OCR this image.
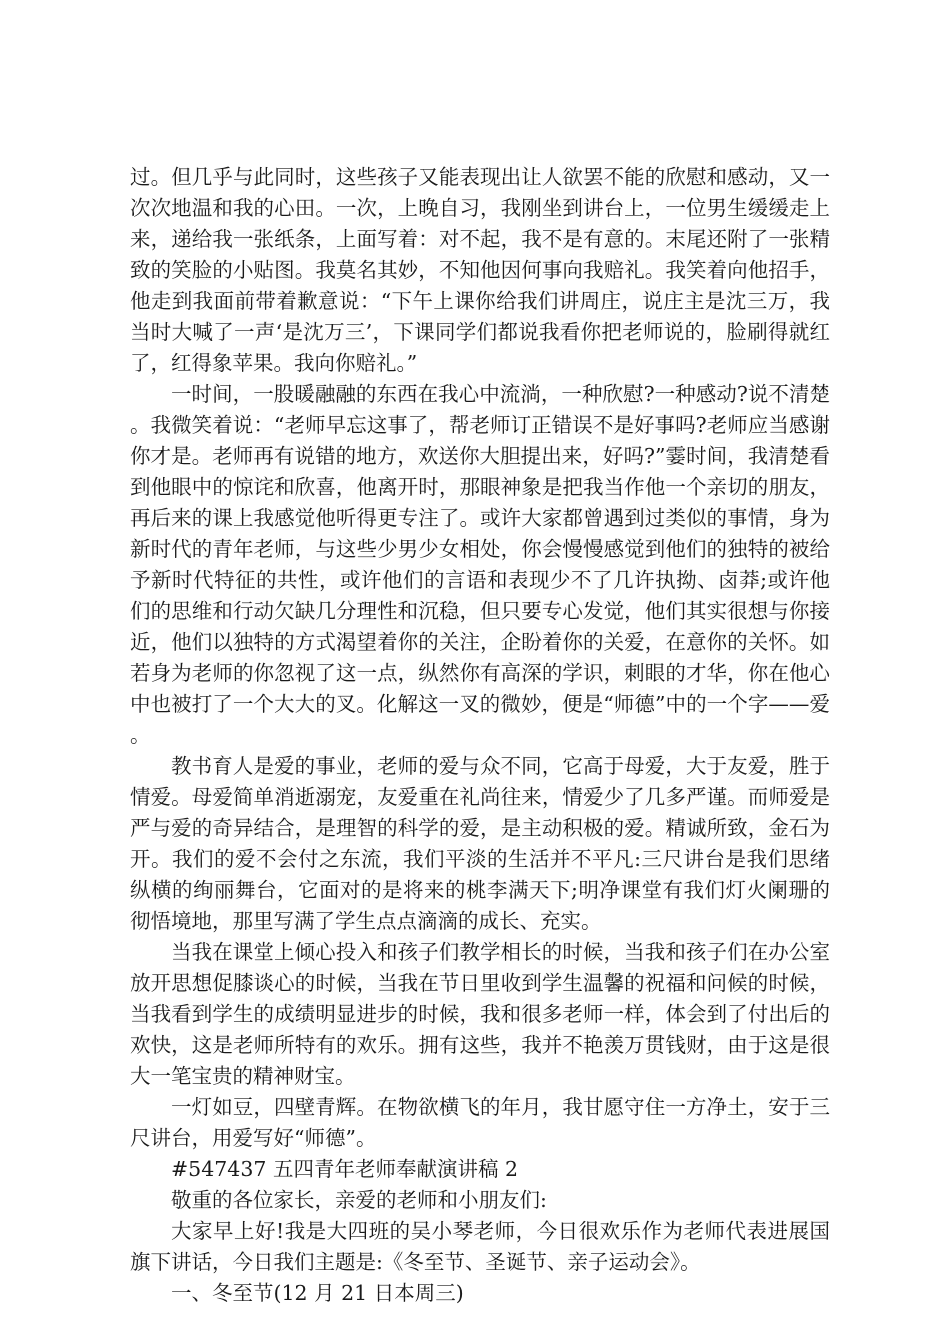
过。但几乎与此同时，这些孩子又能表现出让人欲罢不能的欣慰和感动，又一次次地温和我的心田。一次，上晚自习，我刚坐到讲台上，一位男生缓缓走上来，递给我一张纸条，上面写着：对不起，我不是有意的。末尾还附了一张精致的笑脸的小贴图。我莫名其妙，不知他因何事向我赔礼。我笑着向他招手，他走到我面前带着歉意说：“下午上课你给我们讲周庄，说庄主是沈三万，我当时大喊了一声‘是沈万三’，下课同学们都说我看你把老师说的，脸刷得就红了，红得象苹果。我向你赔礼。”

一时间，一股暖融融的东西在我心中流淌，一种欣慰?一种感动?说不清楚。我微笑着说：“老师早忘这事了，帮老师订正错误不是好事吗?老师应当感谢你才是。老师再有说错的地方，欢送你大胆提出来，好吗?”霎时间，我清楚看到他眼中的惊诧和欣喜，他离开时，那眼神象是把我当作他一个亲切的朋友，再后来的课上我感觉他听得更专注了。或许大家都曾遇到过类似的事情，身为新时代的青年老师，与这些少男少女相处，你会慢慢感觉到他们的独特的被给予新时代特征的共性，或许他们的言语和表现少不了几许执拗、卤莽;或许他们的思维和行动欠缺几分理性和沉稳，但只要专心发觉，他们其实很想与你接近，他们以独特的方式渴望着你的关注，企盼着你的关爱，在意你的关怀。如若身为老师的你忽视了这一点，纵然你有高深的学识，刺眼的才华，你在他心中也被打了一个大大的叉。化解这一叉的微妙，便是“师德”中的一个字——爱。

教书育人是爱的事业，老师的爱与众不同，它高于母爱，大于友爱，胜于情爱。母爱简单消逝溺宠，友爱重在礼尚往来，情爱少了几多严谨。而师爱是严与爱的奇异结合，是理智的科学的爱，是主动积极的爱。精诚所致，金石为开。我们的爱不会付之东流，我们平淡的生活并不平凡:三尺讲台是我们思绪纵横的绚丽舞台，它面对的是将来的桃李满天下;明净课堂有我们灯火阑珊的彻悟境地，那里写满了学生点点滴滴的成长、充实。

当我在课堂上倾心投入和孩子们教学相长的时候，当我和孩子们在办公室放开思想促膝谈心的时候，当我在节日里收到学生温馨的祝福和问候的时候，当我看到学生的成绩明显进步的时候，我和很多老师一样，体会到了付出后的欢快，这是老师所特有的欢乐。拥有这些，我并不艳羡万贯钱财，由于这是很大一笔宝贵的精神财宝。

一灯如豆，四壁青辉。在物欲横飞的年月，我甘愿守住一方净土，安于三尺讲台，用爱写好“师德”。

#547437 五四青年老师奉献演讲稿 2

敬重的各位家长，亲爱的老师和小朋友们:

大家早上好!我是大四班的吴小琴老师，今日很欢乐作为老师代表进展国旗下讲话，今日我们主题是:《冬至节、圣诞节、亲子运动会》。

一、冬至节(12 月 21 日本周三)
